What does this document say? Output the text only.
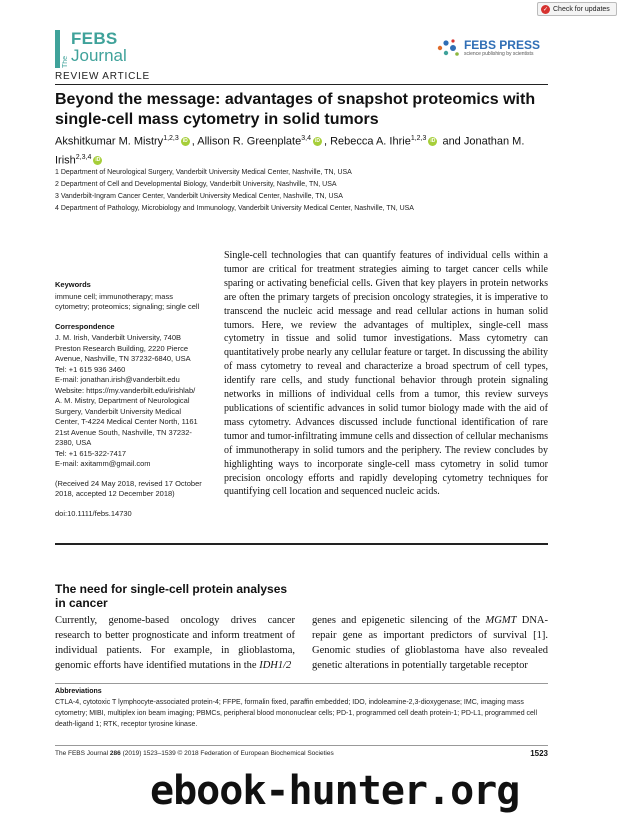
✓ Check for updates
The
FEBS
Journal
FEBS PRESS
science publishing by scientists
REVIEW ARTICLE
Beyond the message: advantages of snapshot proteomics with single-cell mass cytometry in solid tumors
Akshitkumar M. Mistry$^{1,2,3}$ iD , Allison R. Greenplate$^{3,4}$ iD , Rebecca A. Ihrie$^{1,2,3}$ iD and Jonathan M. Irish$^{2,3,4}$ iD
1 Department of Neurological Surgery, Vanderbilt University Medical Center, Nashville, TN, USA
2 Department of Cell and Developmental Biology, Vanderbilt University, Nashville, TN, USA
3 Vanderbilt-Ingram Cancer Center, Vanderbilt University Medical Center, Nashville, TN, USA
4 Department of Pathology, Microbiology and Immunology, Vanderbilt University Medical Center, Nashville, TN, USA
Keywords
immune cell; immunotherapy; mass
cytometry; proteomics; signaling; single cell
Correspondence
J. M. Irish, Vanderbilt University, 740B
Preston Research Building, 2220 Pierce
Avenue, Nashville, TN 37232-6840, USA
Tel: +1 615 936 3460
E-mail: jonathan.irish@vanderbilt.edu
Website: https://my.vanderbilt.edu/irishlab/
A. M. Mistry, Department of Neurological
Surgery, Vanderbilt University Medical
Center, T-4224 Medical Center North, 1161
21st Avenue South, Nashville, TN 37232-
2380, USA
Tel: +1 615-322-7417
E-mail: axitamm@gmail.com
(Received 24 May 2018, revised 17 October
2018, accepted 12 December 2018)
doi:10.1111/febs.14730

Single-cell technologies that can quantify features of individual cells within a tumor are critical for treatment strategies aiming to target cancer cells while sparing or activating beneficial cells. Given that key players in protein networks are often the primary targets of precision oncology strategies, it is imperative to transcend the nucleic acid message and read cellular actions in human solid tumors. Here, we review the advantages of multiplex, single-cell mass cytometry in tissue and solid tumor investigations. Mass cytometry can quantitatively probe nearly any cellular feature or target. In discussing the ability of mass cytometry to reveal and characterize a broad spectrum of cell types, identify rare cells, and study functional behavior through protein signaling networks in millions of individual cells from a tumor, this review surveys publications of scientific advances in solid tumor biology made with the aid of mass cytometry. Advances discussed include functional identification of rare tumor and tumor-infiltrating immune cells and dissection of cellular mechanisms of immunotherapy in solid tumors and the periphery. The review concludes by highlighting ways to incorporate single-cell mass cytometry in solid tumor precision oncology efforts and rapidly developing cytometry techniques for quantifying cell location and sequenced nucleic acids.

The need for single-cell protein analyses in cancer

Currently, genome-based oncology drives cancer research to better prognosticate and inform treatment of individual patients. For example, in glioblastoma, genomic efforts have identified mutations in the IDH1/2

genes and epigenetic silencing of the MGMT DNA-repair gene as important predictors of survival [1]. Genomic studies of glioblastoma have also revealed genetic alterations in potentially targetable receptor

Abbreviations
CTLA-4, cytotoxic T lymphocyte-associated protein-4; FFPE, formalin fixed, paraffin embedded; IDO, indoleamine-2,3-dioxygenase; IMC, imaging mass cytometry; MIBI, multiplex ion beam imaging; PBMCs, peripheral blood mononuclear cells; PD-1, programmed cell death protein-1; PD-L1, programmed cell death-ligand 1; RTK, receptor tyrosine kinase.
The FEBS Journal 286 (2019) 1523–1539 © 2018 Federation of European Biochemical Societies	1523
ebook-hunter.org
